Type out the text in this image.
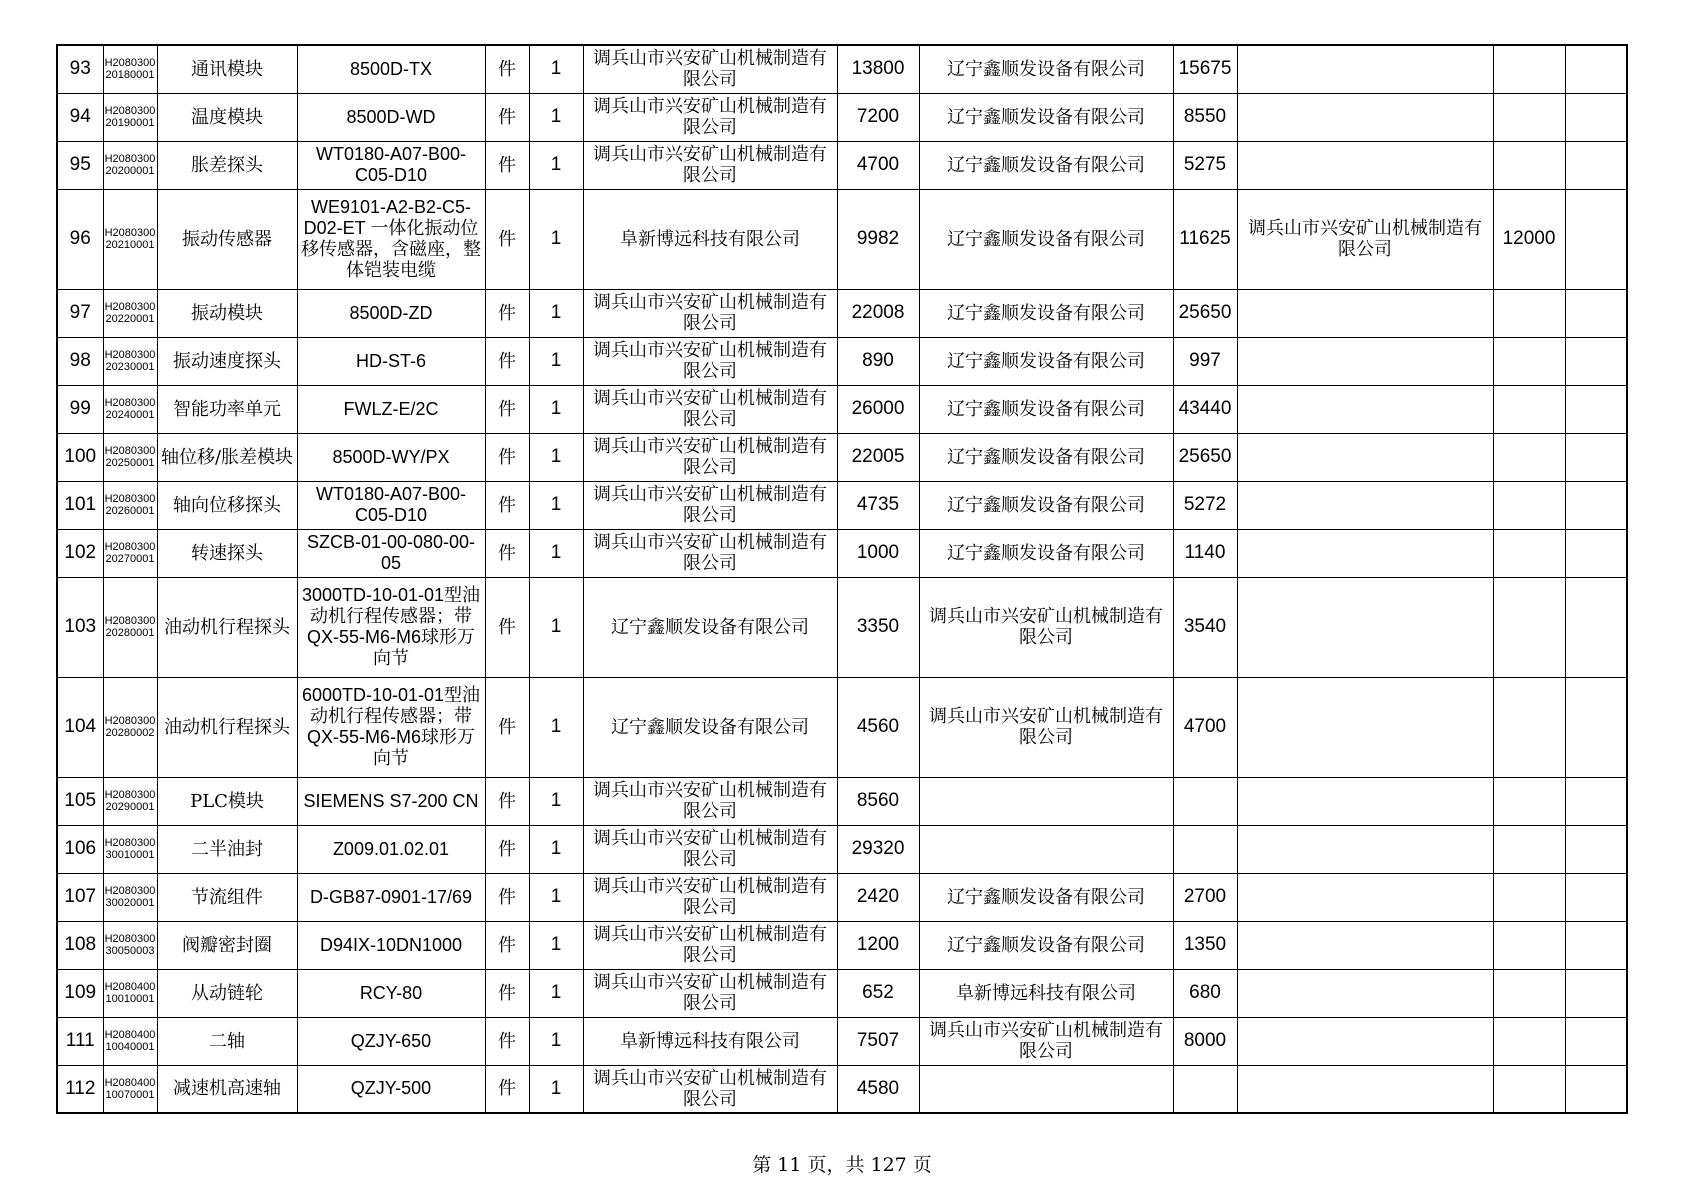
93	H208030020180001	通讯模块	8500D-TX	件	1	调兵山市兴安矿山机械制造有限公司	13800	辽宁鑫顺发设备有限公司	15675			
94	H208030020190001	温度模块	8500D-WD	件	1	调兵山市兴安矿山机械制造有限公司	7200	辽宁鑫顺发设备有限公司	8550			
95	H208030020200001	胀差探头	WT0180-A07-B00-C05-D10	件	1	调兵山市兴安矿山机械制造有限公司	4700	辽宁鑫顺发设备有限公司	5275			
96	H208030020210001	振动传感器	WE9101-A2-B2-C5-D02-ET 一体化振动位移传感器，含磁座，整体铠装电缆	件	1	阜新博远科技有限公司	9982	辽宁鑫顺发设备有限公司	11625	调兵山市兴安矿山机械制造有限公司	12000	
97	H208030020220001	振动模块	8500D-ZD	件	1	调兵山市兴安矿山机械制造有限公司	22008	辽宁鑫顺发设备有限公司	25650			
98	H208030020230001	振动速度探头	HD-ST-6	件	1	调兵山市兴安矿山机械制造有限公司	890	辽宁鑫顺发设备有限公司	997			
99	H208030020240001	智能功率单元	FWLZ-E/2C	件	1	调兵山市兴安矿山机械制造有限公司	26000	辽宁鑫顺发设备有限公司	43440			
100	H208030020250001	轴位移/胀差模块	8500D-WY/PX	件	1	调兵山市兴安矿山机械制造有限公司	22005	辽宁鑫顺发设备有限公司	25650			
101	H208030020260001	轴向位移探头	WT0180-A07-B00-C05-D10	件	1	调兵山市兴安矿山机械制造有限公司	4735	辽宁鑫顺发设备有限公司	5272			
102	H208030020270001	转速探头	SZCB-01-00-080-00-05	件	1	调兵山市兴安矿山机械制造有限公司	1000	辽宁鑫顺发设备有限公司	1140			
103	H208030020280001	油动机行程探头	3000TD-10-01-01型油动机行程传感器；带QX-55-M6-M6球形万向节	件	1	辽宁鑫顺发设备有限公司	3350	调兵山市兴安矿山机械制造有限公司	3540			
104	H208030020280002	油动机行程探头	6000TD-10-01-01型油动机行程传感器；带QX-55-M6-M6球形万向节	件	1	辽宁鑫顺发设备有限公司	4560	调兵山市兴安矿山机械制造有限公司	4700			
105	H208030020290001	PLC模块	SIEMENS S7-200 CN	件	1	调兵山市兴安矿山机械制造有限公司	8560					
106	H208030030010001	二半油封	Z009.01.02.01	件	1	调兵山市兴安矿山机械制造有限公司	29320					
107	H208030030020001	节流组件	D-GB87-0901-17/69	件	1	调兵山市兴安矿山机械制造有限公司	2420	辽宁鑫顺发设备有限公司	2700			
108	H208030030050003	阀瓣密封圈	D94IX-10DN1000	件	1	调兵山市兴安矿山机械制造有限公司	1200	辽宁鑫顺发设备有限公司	1350			
109	H208040010010001	从动链轮	RCY-80	件	1	调兵山市兴安矿山机械制造有限公司	652	阜新博远科技有限公司	680			
111	H208040010040001	二轴	QZJY-650	件	1	阜新博远科技有限公司	7507	调兵山市兴安矿山机械制造有限公司	8000			
112	H208040010070001	减速机高速轴	QZJY-500	件	1	调兵山市兴安矿山机械制造有限公司	4580					
第 11 页，共 127 页
